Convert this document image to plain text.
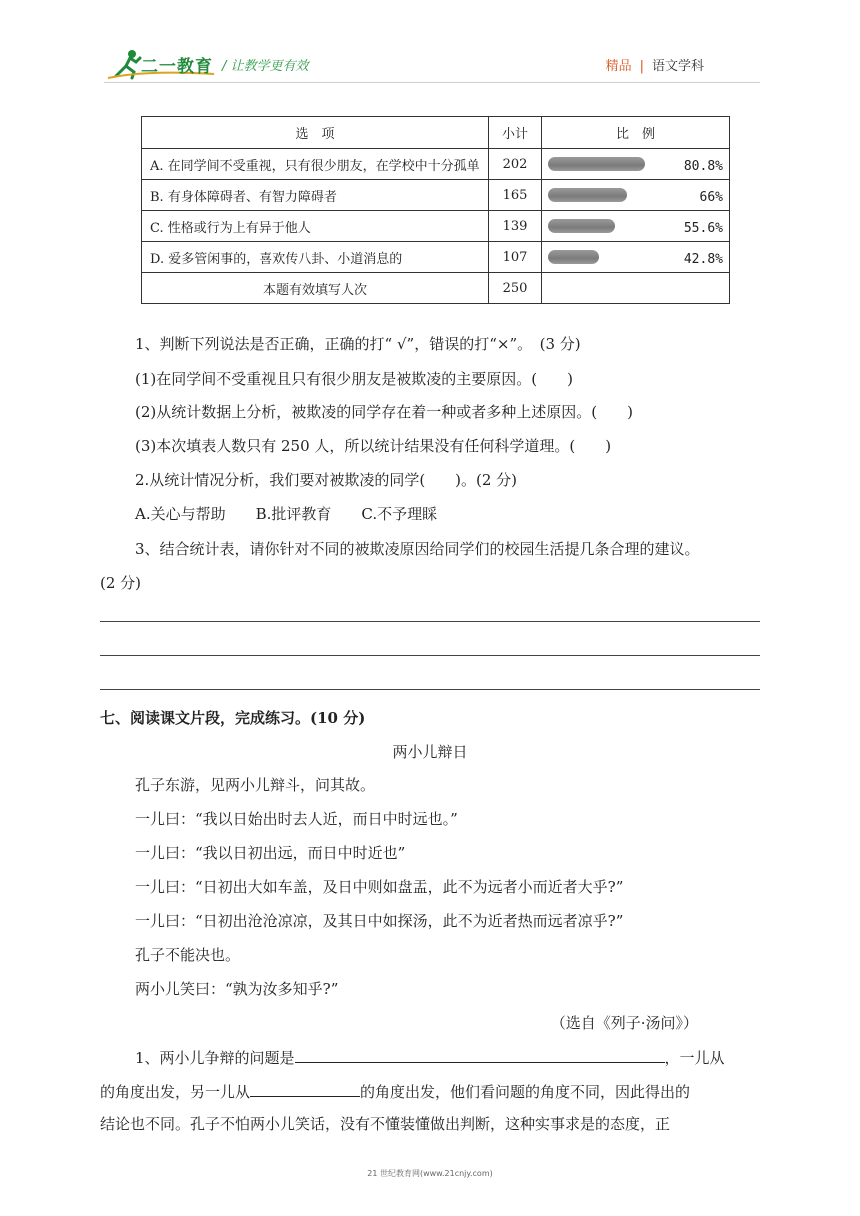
二一教育 / 让教学更有效	精品 | 语文学科
选　项	小计	比　例
A. 在同学间不受重视，只有很少朋友，在学校中十分孤单	202	80.8%

B. 有身体障碍者、有智力障碍者	165	66%

C. 性格或行为上有异于他人	139	55.6%

D. 爱多管闲事的，喜欢传八卦、小道消息的	107	42.8%

本题有效填写人次	250	
1、判断下列说法是否正确，正确的打“ √”，错误的打“×”。　(3 分)
(1)在同学间不受重视且只有很少朋友是被欺凌的主要原因。(　　)
(2)从统计数据上分析，被欺凌的同学存在着一种或者多种上述原因。(　　)
(3)本次填表人数只有 250 人，所以统计结果没有任何科学道理。(　　)
2.从统计情况分析，我们要对被欺凌的同学(　　)。(2 分)
A.关心与帮助　　B.批评教育　　C.不予理睬
3、结合统计表，请你针对不同的被欺凌原因给同学们的校园生活提几条合理的建议。
(2 分)
七、阅读课文片段，完成练习。(10 分)
两小儿辩日
孔子东游，见两小儿辩斗，问其故。
一儿曰：“我以日始出时去人近，而日中时远也。”
一儿曰：“我以日初出远，而日中时近也”
一儿曰：“日初出大如车盖，及日中则如盘盂，此不为远者小而近者大乎?”
一儿曰：“日初出沧沧凉凉，及其日中如探汤，此不为近者热而远者凉乎?”
孔子不能决也。
两小儿笑曰：“孰为汝多知乎?”
（选自《列子·汤问》）
1、两小儿争辩的问题是	，一儿从
的角度出发，另一儿从	的角度出发，他们看问题的角度不同，因此得出的
结论也不同。孔子不怕两小儿笑话，没有不懂装懂做出判断，这种实事求是的态度，正
21 世纪教育网(www.21cnjy.com)
